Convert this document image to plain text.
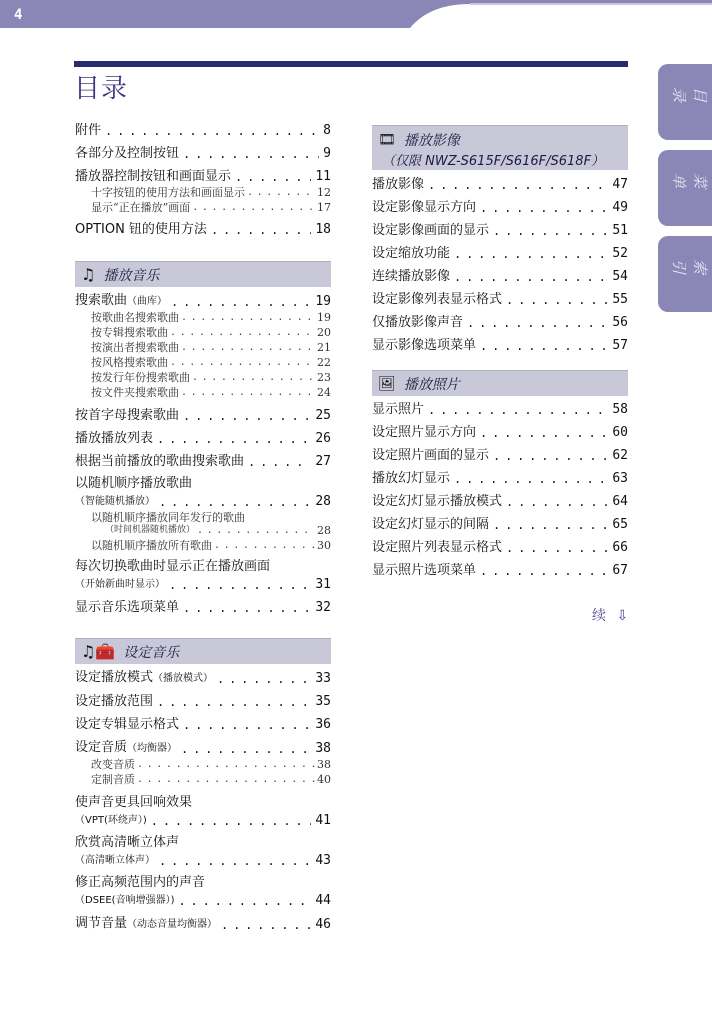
4
目录	目录
菜单
索引
附件 . . .	8
各部分及控制按钮 . . .	9
播放器控制按钮和画面显示 . . .	11
十字按钮的使用方法和画面显示 . . .	12
显示“正在播放”画面 . . .	17
OPTION 钮的使用方法 . . .	18
♫ 播放音乐
搜索歌曲（曲库） . . .	19
按歌曲名搜索歌曲 . . .	19
按专辑搜索歌曲 . . .	20
按演出者搜索歌曲 . . .	21
按风格搜索歌曲 . . .	22
按发行年份搜索歌曲 . . .	23
按文件夹搜索歌曲 . . .	24
按首字母搜索歌曲 . . .	25
播放播放列表 . . .	26
根据当前播放的歌曲搜索歌曲 . . .	27
以随机顺序播放歌曲
（智能随机播放） . . .	28
以随机顺序播放同年发行的歌曲
（时间机器随机播放） . . .	28
以随机顺序播放所有歌曲 . . .	30
每次切换歌曲时显示正在播放画面
（开始新曲时显示） . . .	31
显示音乐选项菜单 . . .	32
♫🧰 设定音乐
设定播放模式（播放模式） . . .	33
设定播放范围 . . .	35
设定专辑显示格式 . . .	36
设定音质（均衡器） . . .	38
改变音质 . . .	38
定制音质 . . .	40
使声音更具回响效果
（VPT(环绕声）) . . .	41
欣赏高清晰立体声
（高清晰立体声） . . .	43
修正高频范围内的声音
（DSEE(音响增强器）) . . .	44
调节音量（动态音量均衡器） . . .	46
🎞 播放影像
（仅限 NWZ-S615F/S616F/S618F）
播放影像 . . .	47
设定影像显示方向 . . .	49
设定影像画面的显示 . . .	51
设定缩放功能 . . .	52
连续播放影像 . . .	54
设定影像列表显示格式 . . .	55
仅播放影像声音 . . .	56
显示影像选项菜单 . . .	57
🖼 播放照片
显示照片 . . .	58
设定照片显示方向 . . .	60
设定照片画面的显示 . . .	62
播放幻灯显示 . . .	63
设定幻灯显示播放模式 . . .	64
设定幻灯显示的间隔 . . .	65
设定照片列表显示格式 . . .	66
显示照片选项菜单 . . .	67
续 ⇩
